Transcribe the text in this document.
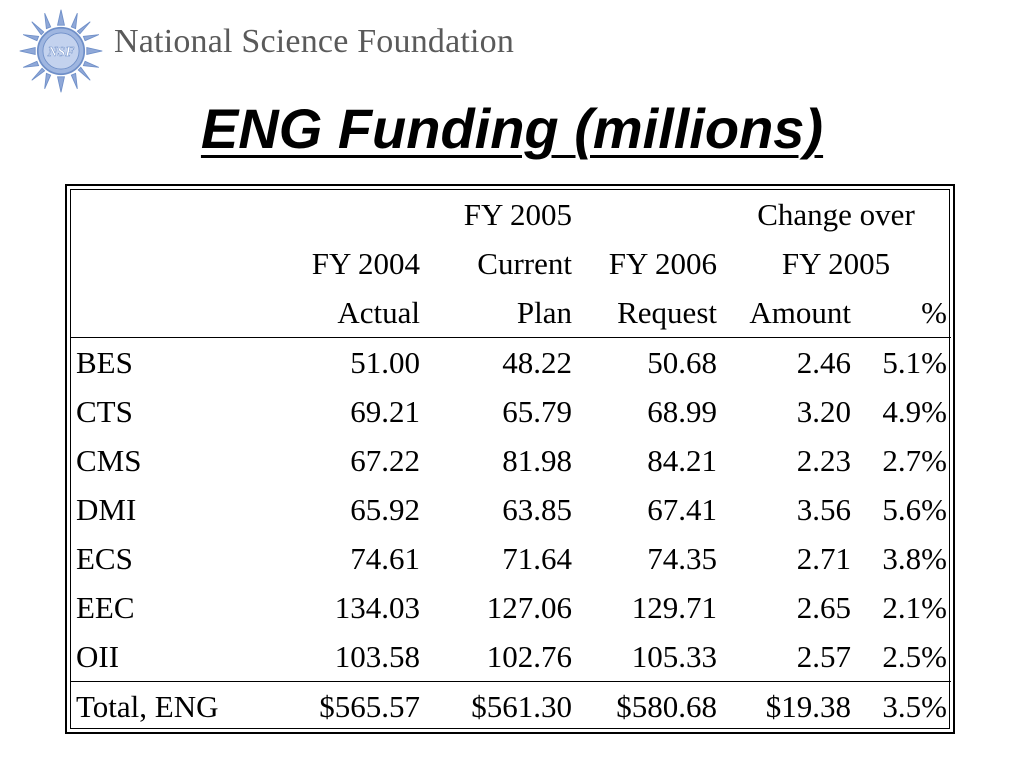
NSF National Science Foundation
ENG Funding (millions)
		FY 2005		Change over	
	FY 2004	Current	FY 2006	FY 2005	
	Actual	Plan	Request	Amount	%
BES	51.00	48.22	50.68	2.46	5.1%
CTS	69.21	65.79	68.99	3.20	4.9%
CMS	67.22	81.98	84.21	2.23	2.7%
DMI	65.92	63.85	67.41	3.56	5.6%
ECS	74.61	71.64	74.35	2.71	3.8%
EEC	134.03	127.06	129.71	2.65	2.1%
OII	103.58	102.76	105.33	2.57	2.5%
Total, ENG	$565.57	$561.30	$580.68	$19.38	3.5%
